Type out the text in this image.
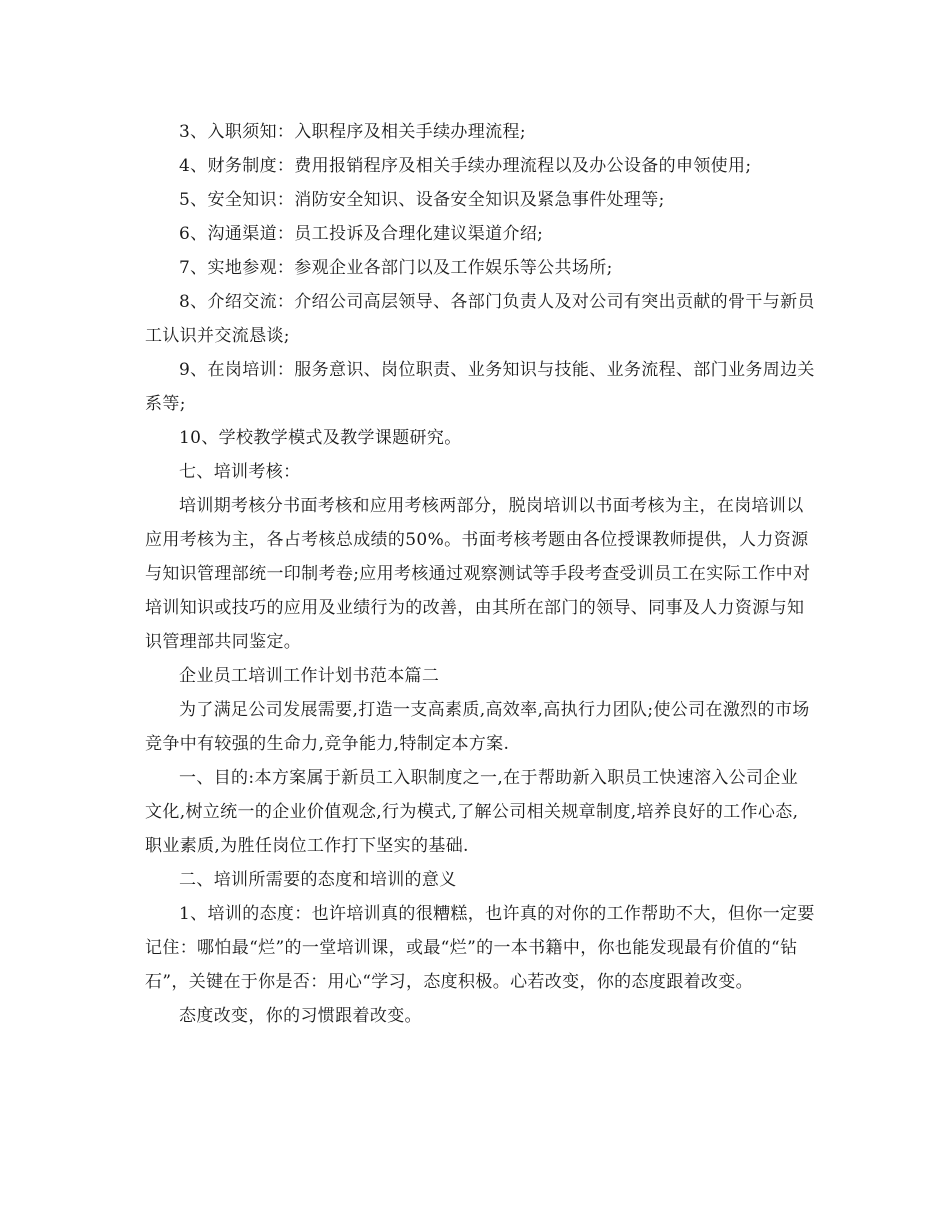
3、入职须知：入职程序及相关手续办理流程;

4、财务制度：费用报销程序及相关手续办理流程以及办公设备的申领使用;

5、安全知识：消防安全知识、设备安全知识及紧急事件处理等;

6、沟通渠道：员工投诉及合理化建议渠道介绍;

7、实地参观：参观企业各部门以及工作娱乐等公共场所;

8、介绍交流：介绍公司高层领导、各部门负责人及对公司有突出贡献的骨干与新员工认识并交流恳谈;

9、在岗培训：服务意识、岗位职责、业务知识与技能、业务流程、部门业务周边关系等;

10、学校教学模式及教学课题研究。

七、培训考核：

培训期考核分书面考核和应用考核两部分，脱岗培训以书面考核为主，在岗培训以应用考核为主，各占考核总成绩的50%。书面考核考题由各位授课教师提供，人力资源与知识管理部统一印制考卷;应用考核通过观察测试等手段考查受训员工在实际工作中对培训知识或技巧的应用及业绩行为的改善，由其所在部门的领导、同事及人力资源与知识管理部共同鉴定。

企业员工培训工作计划书范本篇二

为了满足公司发展需要,打造一支高素质,高效率,高执行力团队;使公司在激烈的市场竞争中有较强的生命力,竞争能力,特制定本方案.

一、目的:本方案属于新员工入职制度之一,在于帮助新入职员工快速溶入公司企业文化,树立统一的企业价值观念,行为模式,了解公司相关规章制度,培养良好的工作心态,职业素质,为胜任岗位工作打下坚实的基础.

二、培训所需要的态度和培训的意义

1、培训的态度：也许培训真的很糟糕，也许真的对你的工作帮助不大，但你一定要记住：哪怕最“烂”的一堂培训课，或最“烂”的一本书籍中，你也能发现最有价值的“钻石”，关键在于你是否：用心“学习，态度积极。心若改变，你的态度跟着改变。

态度改变，你的习惯跟着改变。
